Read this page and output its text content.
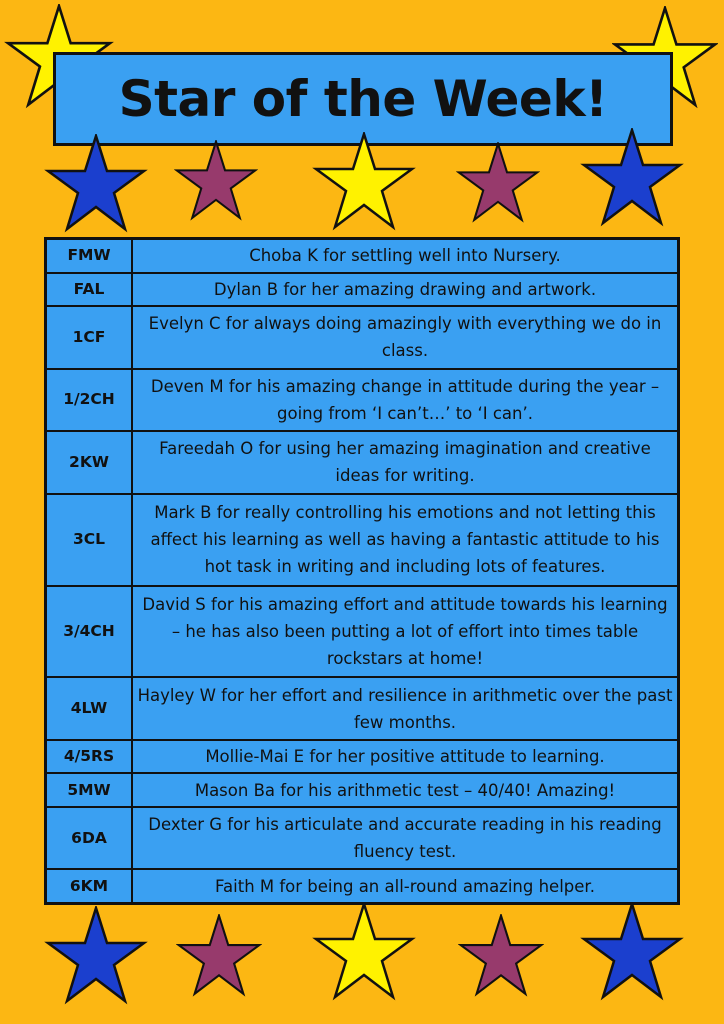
Star of the Week!
FMW	Choba K for settling well into Nursery.
FAL	Dylan B for her amazing drawing and artwork.
1CF	Evelyn C for always doing amazingly with everything we do in class.
1/2CH	Deven M for his amazing change in attitude during the year – going from ‘I can’t…’ to ‘I can’.
2KW	Fareedah O for using her amazing imagination and creative ideas for writing.
3CL	Mark B for really controlling his emotions and not letting this affect his learning as well as having a fantastic attitude to his hot task in writing and including lots of features.
3/4CH	David S for his amazing effort and attitude towards his learning – he has also been putting a lot of effort into times table rockstars at home!
4LW	Hayley W for her effort and resilience in arithmetic over the past few months.
4/5RS	Mollie-Mai E for her positive attitude to learning.
5MW	Mason Ba for his arithmetic test – 40/40! Amazing!
6DA	Dexter G for his articulate and accurate reading in his reading fluency test.
6KM	Faith M for being an all-round amazing helper.
